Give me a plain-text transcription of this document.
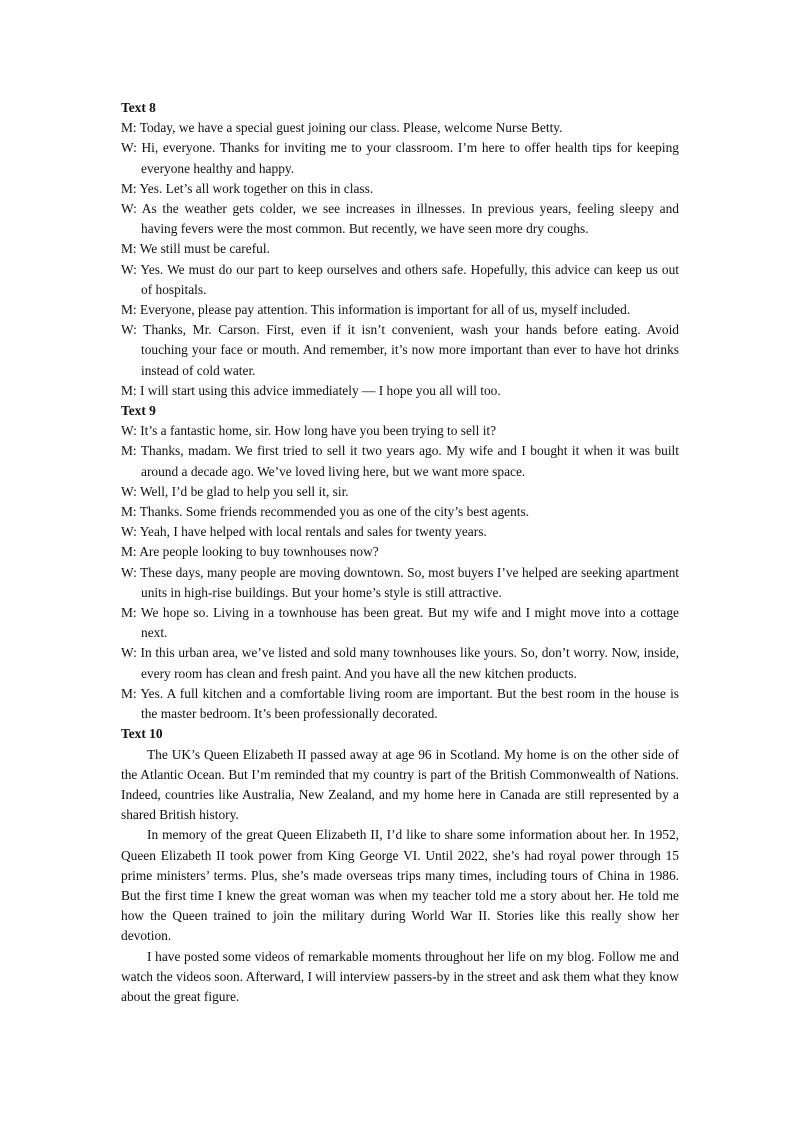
Text 8

M: Today, we have a special guest joining our class. Please, welcome Nurse Betty.

W: Hi, everyone. Thanks for inviting me to your classroom. I’m here to offer health tips for keeping everyone healthy and happy.

M: Yes. Let’s all work together on this in class.

W: As the weather gets colder, we see increases in illnesses. In previous years, feeling sleepy and having fevers were the most common. But recently, we have seen more dry coughs.

M: We still must be careful.

W: Yes. We must do our part to keep ourselves and others safe. Hopefully, this advice can keep us out of hospitals.

M: Everyone, please pay attention. This information is important for all of us, myself included.

W: Thanks, Mr. Carson. First, even if it isn’t convenient, wash your hands before eating. Avoid touching your face or mouth. And remember, it’s now more important than ever to have hot drinks instead of cold water.

M: I will start using this advice immediately — I hope you all will too.

Text 9

W: It’s a fantastic home, sir. How long have you been trying to sell it?

M: Thanks, madam. We first tried to sell it two years ago. My wife and I bought it when it was built around a decade ago. We’ve loved living here, but we want more space.

W: Well, I’d be glad to help you sell it, sir.

M: Thanks. Some friends recommended you as one of the city’s best agents.

W: Yeah, I have helped with local rentals and sales for twenty years.

M: Are people looking to buy townhouses now?

W: These days, many people are moving downtown. So, most buyers I’ve helped are seeking apartment units in high-rise buildings. But your home’s style is still attractive.

M: We hope so. Living in a townhouse has been great. But my wife and I might move into a cottage next.

W: In this urban area, we’ve listed and sold many townhouses like yours. So, don’t worry. Now, inside, every room has clean and fresh paint. And you have all the new kitchen products.

M: Yes. A full kitchen and a comfortable living room are important. But the best room in the house is the master bedroom. It’s been professionally decorated.

Text 10

The UK’s Queen Elizabeth II passed away at age 96 in Scotland. My home is on the other side of the Atlantic Ocean. But I’m reminded that my country is part of the British Commonwealth of Nations. Indeed, countries like Australia, New Zealand, and my home here in Canada are still represented by a shared British history.

In memory of the great Queen Elizabeth II, I’d like to share some information about her. In 1952, Queen Elizabeth II took power from King George VI. Until 2022, she’s had royal power through 15 prime ministers’ terms. Plus, she’s made overseas trips many times, including tours of China in 1986. But the first time I knew the great woman was when my teacher told me a story about her. He told me how the Queen trained to join the military during World War II. Stories like this really show her devotion.

I have posted some videos of remarkable moments throughout her life on my blog. Follow me and watch the videos soon. Afterward, I will interview passers-by in the street and ask them what they know about the great figure.
